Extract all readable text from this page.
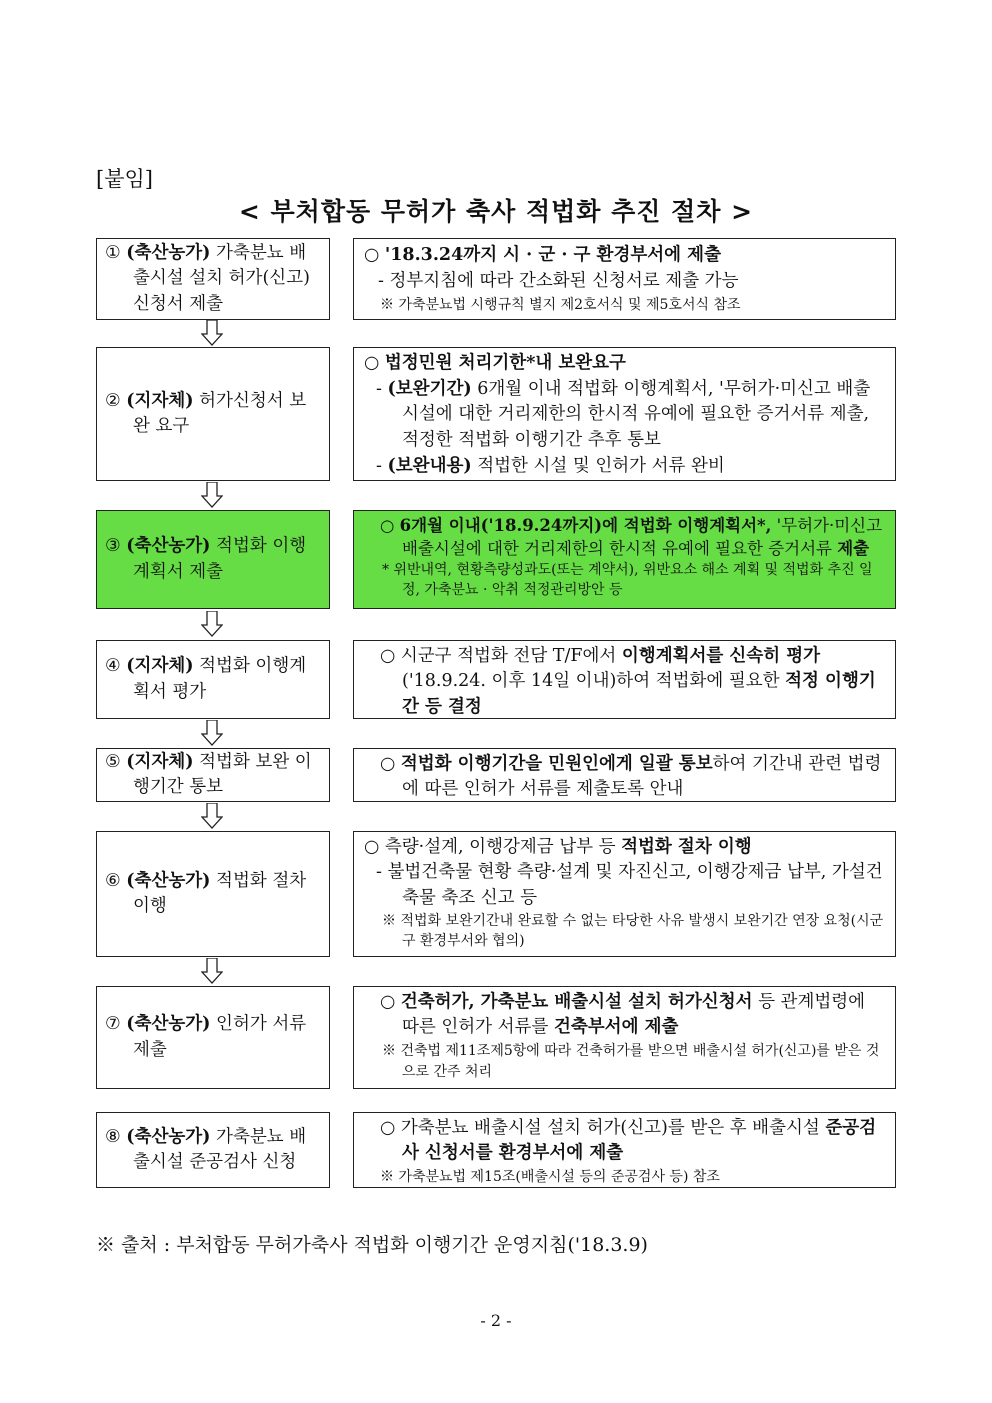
[붙임]
< 부처합동 무허가 축사 적법화 추진 절차 >
① (축산농가) 가축분뇨 배출시설 설치 허가(신고) 신청서 제출
○ '18.3.24까지 시 · 군 · 구 환경부서에 제출
- 정부지침에 따라 간소화된 신청서로 제출 가능
※ 가축분뇨법 시행규칙 별지 제2호서식 및 제5호서식 참조
② (지자체) 허가신청서 보완 요구
○ 법정민원 처리기한*내 보완요구
- (보완기간) 6개월 이내 적법화 이행계획서, '무허가·미신고 배출시설에 대한 거리제한의 한시적 유예에 필요한 증거서류 제출, 적정한 적법화 이행기간 추후 통보
- (보완내용) 적법한 시설 및 인허가 서류 완비
③ (축산농가) 적법화 이행계획서 제출
○ 6개월 이내('18.9.24까지)에 적법화 이행계획서*, '무허가·미신고 배출시설에 대한 거리제한의 한시적 유예에 필요한 증거서류 제출
* 위반내역, 현황측량성과도(또는 계약서), 위반요소 해소 계획 및 적법화 추진 일정, 가축분뇨 · 악취 적정관리방안 등
④ (지자체) 적법화 이행계획서 평가
○ 시군구 적법화 전담 T/F에서 이행계획서를 신속히 평가 ('18.9.24. 이후 14일 이내)하여 적법화에 필요한 적정 이행기간 등 결정
⑤ (지자체) 적법화 보완 이행기간 통보
○ 적법화 이행기간을 민원인에게 일괄 통보하여 기간내 관련 법령에 따른 인허가 서류를 제출토록 안내
⑥ (축산농가) 적법화 절차 이행
○ 측량·설계, 이행강제금 납부 등 적법화 절차 이행
- 불법건축물 현황 측량·설계 및 자진신고, 이행강제금 납부, 가설건축물 축조 신고 등
※ 적법화 보완기간내 완료할 수 없는 타당한 사유 발생시 보완기간 연장 요청(시군구 환경부서와 협의)
⑦ (축산농가) 인허가 서류 제출
○ 건축허가, 가축분뇨 배출시설 설치 허가신청서 등 관계법령에 따른 인허가 서류를 건축부서에 제출
※ 건축법 제11조제5항에 따라 건축허가를 받으면 배출시설 허가(신고)를 받은 것으로 간주 처리
⑧ (축산농가) 가축분뇨 배출시설 준공검사 신청
○ 가축분뇨 배출시설 설치 허가(신고)를 받은 후 배출시설 준공검사 신청서를 환경부서에 제출
※ 가축분뇨법 제15조(배출시설 등의 준공검사 등) 참조
※ 출처 : 부처합동 무허가축사 적법화 이행기간 운영지침('18.3.9)
- 2 -
